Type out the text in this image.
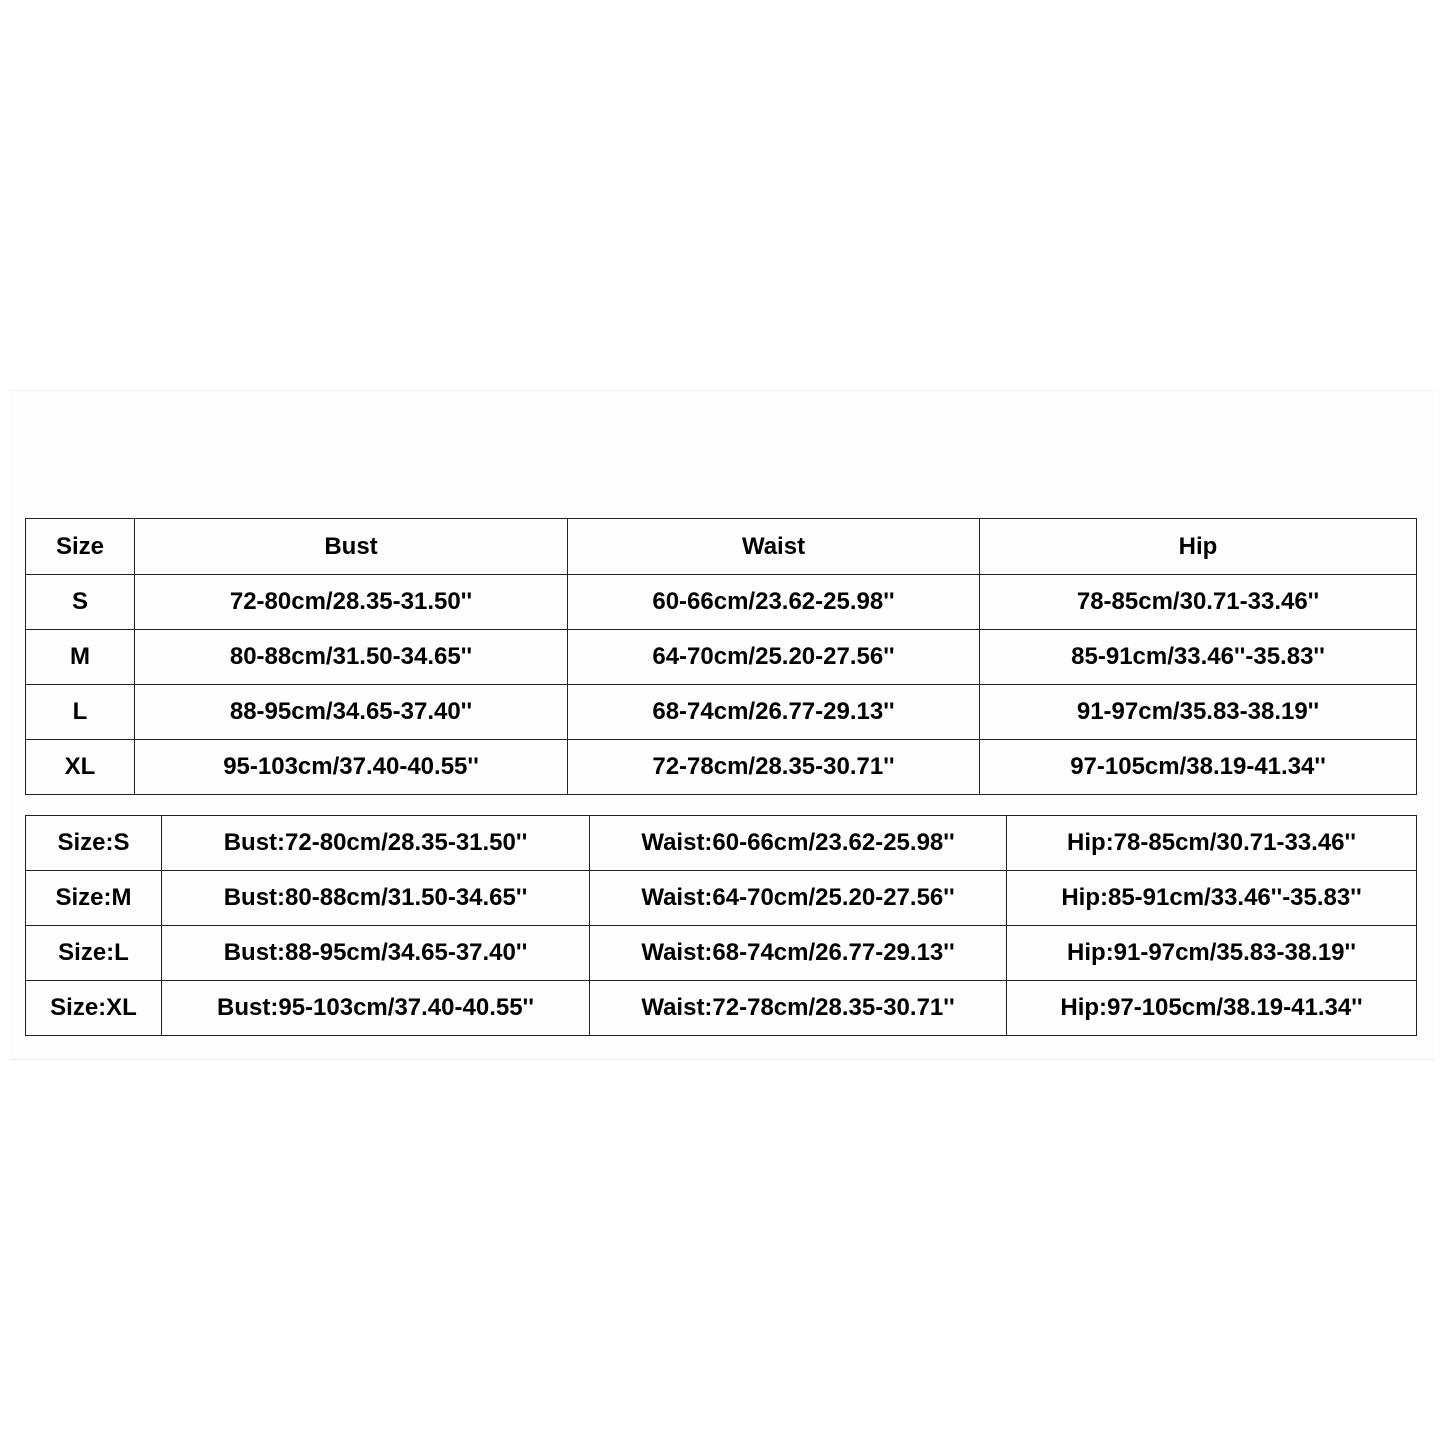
Size	Bust	Waist	Hip
S	72-80cm/28.35-31.50''	60-66cm/23.62-25.98''	78-85cm/30.71-33.46''
M	80-88cm/31.50-34.65''	64-70cm/25.20-27.56''	85-91cm/33.46''-35.83''
L	88-95cm/34.65-37.40''	68-74cm/26.77-29.13''	91-97cm/35.83-38.19''
XL	95-103cm/37.40-40.55''	72-78cm/28.35-30.71''	97-105cm/38.19-41.34''
Size:S	Bust:72-80cm/28.35-31.50''	Waist:60-66cm/23.62-25.98''	Hip:78-85cm/30.71-33.46''
Size:M	Bust:80-88cm/31.50-34.65''	Waist:64-70cm/25.20-27.56''	Hip:85-91cm/33.46''-35.83''
Size:L	Bust:88-95cm/34.65-37.40''	Waist:68-74cm/26.77-29.13''	Hip:91-97cm/35.83-38.19''
Size:XL	Bust:95-103cm/37.40-40.55''	Waist:72-78cm/28.35-30.71''	Hip:97-105cm/38.19-41.34''
